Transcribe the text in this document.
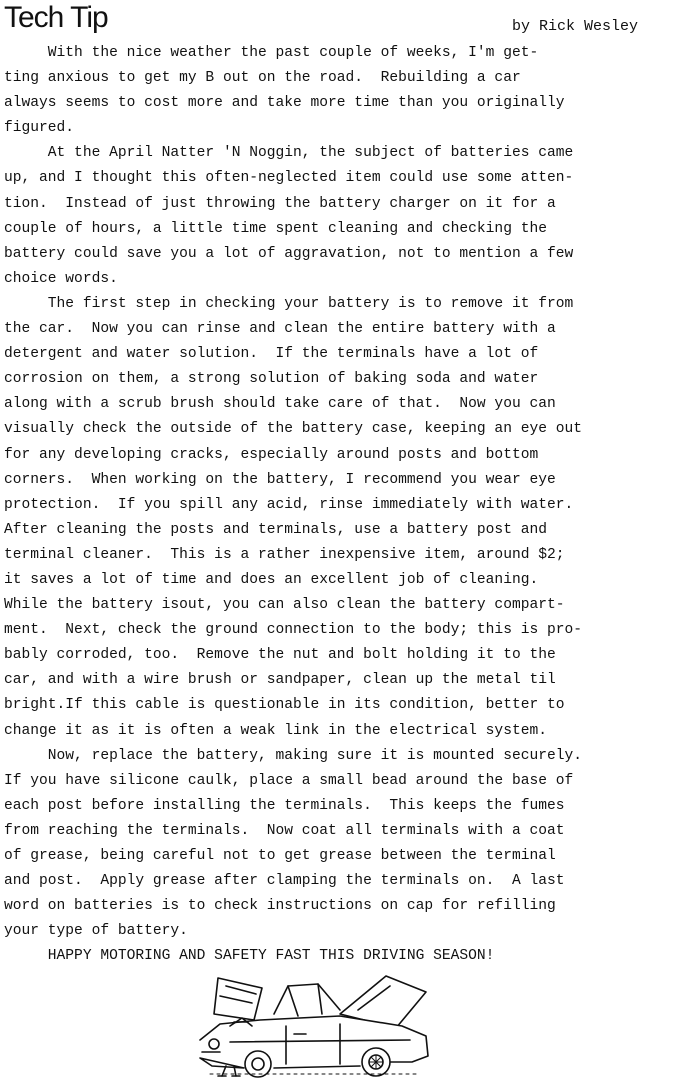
Tech Tip	by Rick Wesley
With the nice weather the past couple of weeks, I'm get-
ting anxious to get my B out on the road.  Rebuilding a car
always seems to cost more and take more time than you originally
figured.
At the April Natter 'N Noggin, the subject of batteries came
up, and I thought this often-neglected item could use some atten-
tion.  Instead of just throwing the battery charger on it for a
couple of hours, a little time spent cleaning and checking the
battery could save you a lot of aggravation, not to mention a few
choice words.
The first step in checking your battery is to remove it from
the car.  Now you can rinse and clean the entire battery with a
detergent and water solution.  If the terminals have a lot of
corrosion on them, a strong solution of baking soda and water
along with a scrub brush should take care of that.  Now you can
visually check the outside of the battery case, keeping an eye out
for any developing cracks, especially around posts and bottom
corners.  When working on the battery, I recommend you wear eye
protection.  If you spill any acid, rinse immediately with water.
After cleaning the posts and terminals, use a battery post and
terminal cleaner.  This is a rather inexpensive item, around $2;
it saves a lot of time and does an excellent job of cleaning.
While the battery isout, you can also clean the battery compart-
ment.  Next, check the ground connection to the body; this is pro-
bably corroded, too.  Remove the nut and bolt holding it to the
car, and with a wire brush or sandpaper, clean up the metal til
bright.If this cable is questionable in its condition, better to
change it as it is often a weak link in the electrical system.
Now, replace the battery, making sure it is mounted securely.
If you have silicone caulk, place a small bead around the base of
each post before installing the terminals.  This keeps the fumes
from reaching the terminals.  Now coat all terminals with a coat
of grease, being careful not to get grease between the terminal
and post.  Apply grease after clamping the terminals on.  A last
word on batteries is to check instructions on cap for refilling
your type of battery.
HAPPY MOTORING AND SAFETY FAST THIS DRIVING SEASON!
